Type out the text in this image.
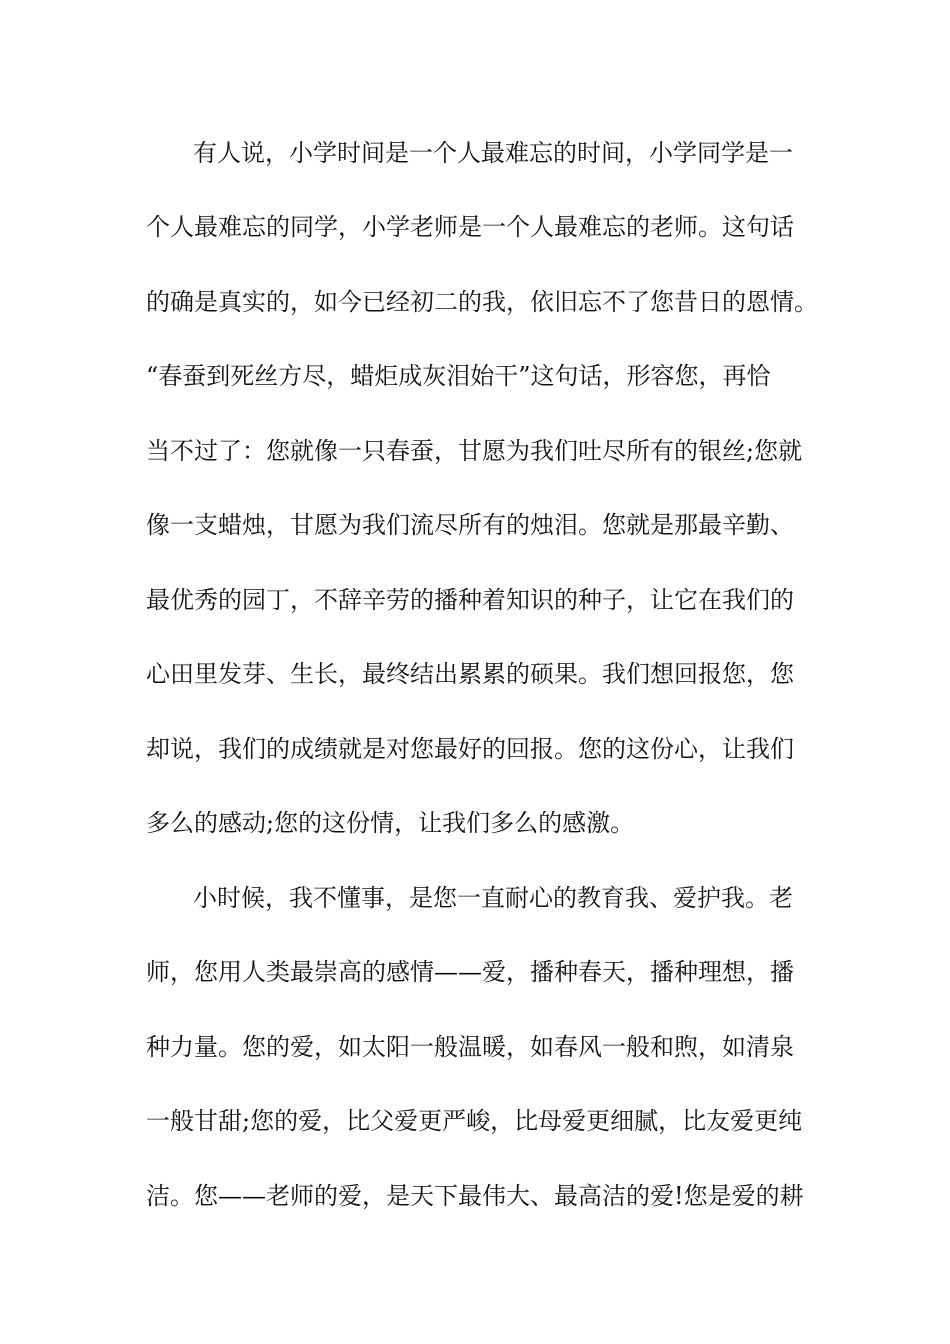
有人说，小学时间是一个人最难忘的时间，小学同学是一
个人最难忘的同学，小学老师是一个人最难忘的老师。这句话
的确是真实的，如今已经初二的我，依旧忘不了您昔日的恩情。
“春蚕到死丝方尽，蜡炬成灰泪始干”这句话，形容您，再恰
当不过了：您就像一只春蚕，甘愿为我们吐尽所有的银丝;您就
像一支蜡烛，甘愿为我们流尽所有的烛泪。您就是那最辛勤、
最优秀的园丁，不辞辛劳的播种着知识的种子，让它在我们的
心田里发芽、生长，最终结出累累的硕果。我们想回报您，您
却说，我们的成绩就是对您最好的回报。您的这份心，让我们
多么的感动;您的这份情，让我们多么的感激。
小时候，我不懂事，是您一直耐心的教育我、爱护我。老
师，您用人类最崇高的感情——爱，播种春天，播种理想，播
种力量。您的爱，如太阳一般温暖，如春风一般和煦，如清泉
一般甘甜;您的爱，比父爱更严峻，比母爱更细腻，比友爱更纯
洁。您——老师的爱，是天下最伟大、最高洁的爱!您是爱的耕
